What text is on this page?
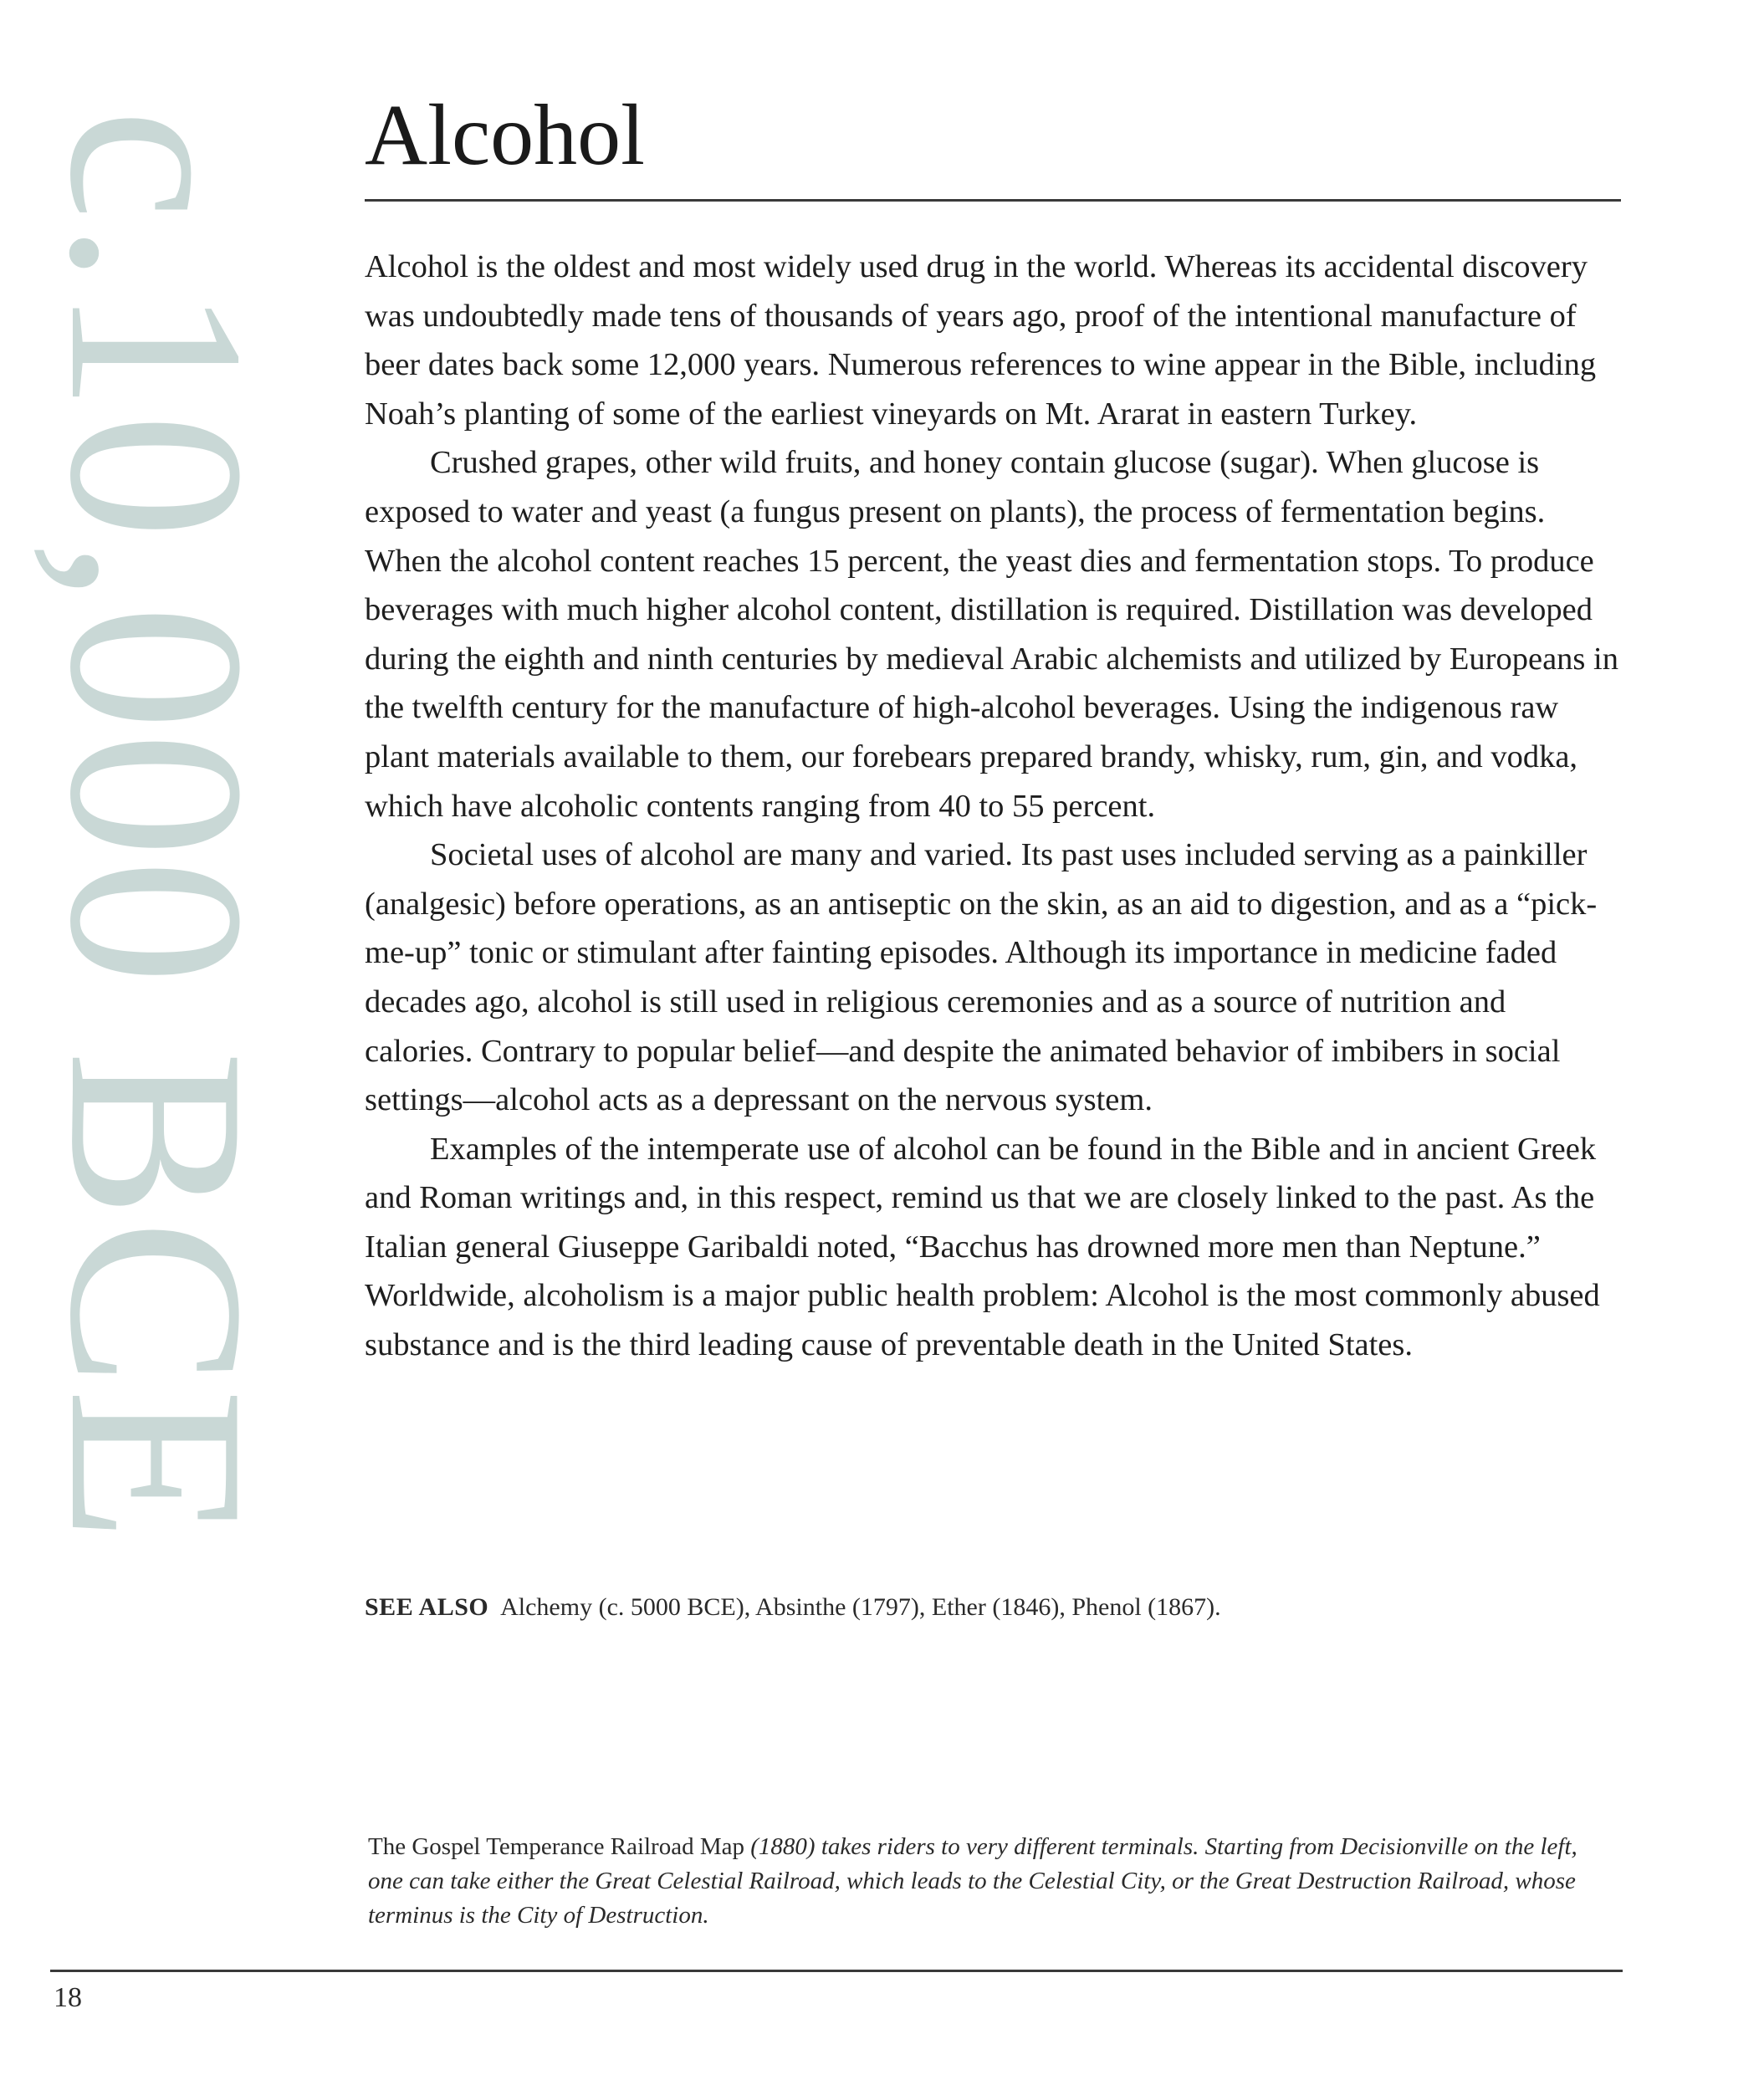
c.10,000 BCE Alcohol

Alcohol is the oldest and most widely used drug in the world. Whereas its accidental discovery was undoubtedly made tens of thousands of years ago, proof of the intentional manufacture of beer dates back some 12,000 years. Numerous references to wine appear in the Bible, including Noah’s planting of some of the earliest vineyards on Mt. Ararat in eastern Turkey.

Crushed grapes, other wild fruits, and honey contain glucose (sugar). When glucose is exposed to water and yeast (a fungus present on plants), the process of fermentation begins. When the alcohol content reaches 15 percent, the yeast dies and fermentation stops. To produce beverages with much higher alcohol content, distillation is required. Distillation was developed during the eighth and ninth centuries by medieval Arabic alchemists and utilized by Europeans in the twelfth century for the manufacture of high-alcohol beverages. Using the indigenous raw plant materials available to them, our forebears prepared brandy, whisky, rum, gin, and vodka, which have alcoholic contents ranging from 40 to 55 percent.

Societal uses of alcohol are many and varied. Its past uses included serving as a painkiller (analgesic) before operations, as an antiseptic on the skin, as an aid to digestion, and as a “pick-me-up” tonic or stimulant after fainting episodes. Although its importance in medicine faded decades ago, alcohol is still used in religious ceremonies and as a source of nutrition and calories. Contrary to popular belief—and despite the animated behavior of imbibers in social settings—alcohol acts as a depressant on the nervous system.

Examples of the intemperate use of alcohol can be found in the Bible and in ancient Greek and Roman writings and, in this respect, remind us that we are closely linked to the past. As the Italian general Giuseppe Garibaldi noted, “Bacchus has drowned more men than Neptune.” Worldwide, alcoholism is a major public health problem: Alcohol is the most commonly abused substance and is the third leading cause of preventable death in the United States.

SEE ALSO Alchemy (c. 5000 BCE), Absinthe (1797), Ether (1846), Phenol (1867).
The Gospel Temperance Railroad Map (1880) takes riders to very different terminals. Starting from Decisionville on the left, one can take either the Great Celestial Railroad, which leads to the Celestial City, or the Great Destruction Railroad, whose terminus is the City of Destruction.
18
